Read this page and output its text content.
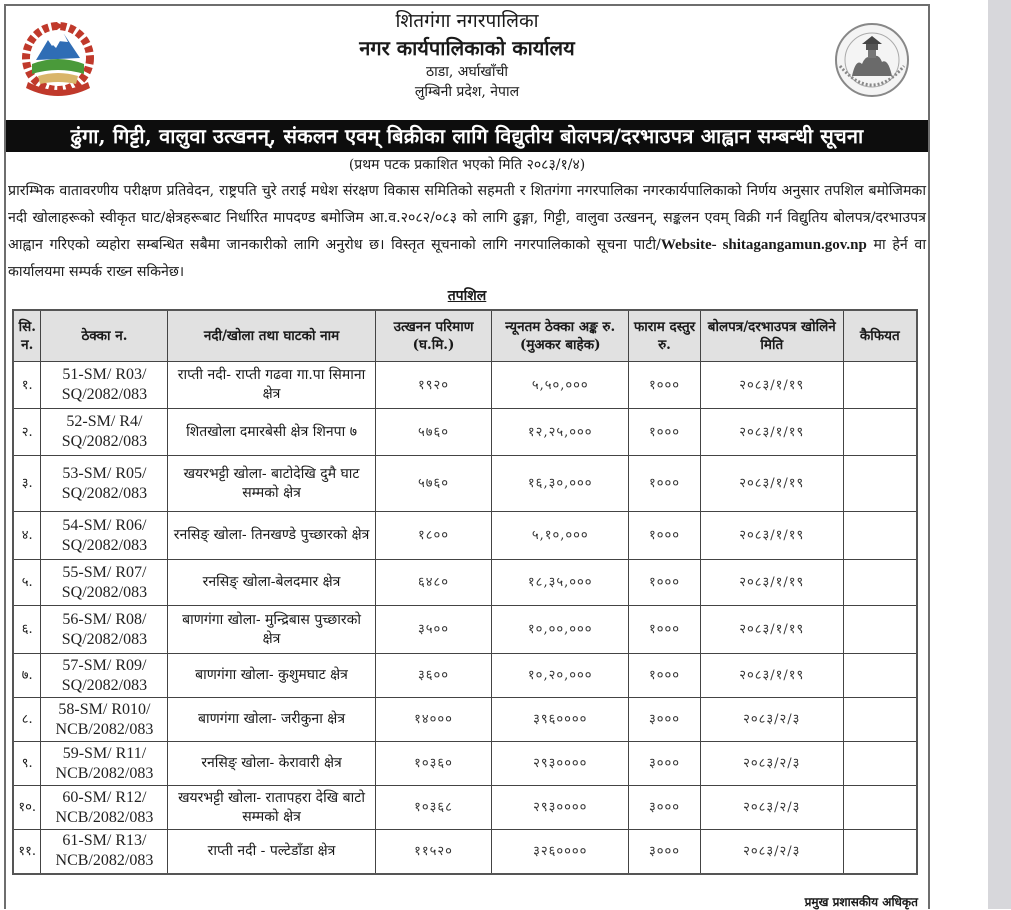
शितगंगा नगरपालिका
नगर कार्यपालिकाको कार्यालय
ठाडा, अर्घाखाँची
लुम्बिनी प्रदेश, नेपाल
ढुंगा, गिट्टी, वालुवा उत्खनन्, संकलन एवम् बिक्रीका लागि विद्युतीय बोलपत्र/दरभाउपत्र आह्वान सम्बन्धी सूचना
(प्रथम पटक प्रकाशित भएको मिति २०८३/१/४)
प्रारम्भिक वातावरणीय परीक्षण प्रतिवेदन, राष्ट्रपति चुरे तराई मधेश संरक्षण विकास समितिको सहमती र शितगंगा नगरपालिका नगरकार्यपालिकाको निर्णय अनुसार तपशिल बमोजिमका नदी खोलाहरूको स्वीकृत घाट/क्षेत्रहरूबाट निर्धारित मापदण्ड बमोजिम आ.व.२०८२/०८३ को लागि ढुङ्गा, गिट्टी, वालुवा उत्खनन्, सङ्कलन एवम् विक्री गर्न विद्युतिय बोलपत्र/दरभाउपत्र आह्वान गरिएको व्यहोरा सम्बन्धित सबैमा जानकारीको लागि अनुरोध छ। विस्तृत सूचनाको लागि नगरपालिकाको सूचना पाटी/Website- shitagangamun.gov.np मा हेर्न वा कार्यालयमा सम्पर्क राख्न सकिनेछ।
तपशिल
सि. न.	ठेक्का न.	नदी/खोला तथा घाटको नाम	उत्खनन परिमाण (घ.मि.)	न्यूनतम ठेक्का अङ्क रु.(मुअकर बाहेक)	फाराम दस्तुर रु.	बोलपत्र/दरभाउपत्र खोलिने मिति	कैफियत
१.	51-SM/ R03/ SQ/2082/083	राप्ती नदी- राप्ती गढवा गा.पा सिमाना क्षेत्र	१९२०	५,५०,०००	१०००	२०८३/१/१९	
२.	52-SM/ R4/ SQ/2082/083	शितखोला दमारबेसी क्षेत्र शिनपा ७	५७६०	१२,२५,०००	१०००	२०८३/१/१९	
३.	53-SM/ R05/ SQ/2082/083	खयरभट्टी खोला- बाटोदेखि दुमै घाट सम्मको क्षेत्र	५७६०	१६,३०,०००	१०००	२०८३/१/१९	
४.	54-SM/ R06/ SQ/2082/083	रनसिङ् खोला- तिनखण्डे पुच्छारको क्षेत्र	१८००	५,१०,०००	१०००	२०८३/१/१९	
५.	55-SM/ R07/ SQ/2082/083	रनसिङ् खोला-बेलदमार क्षेत्र	६४८०	१८,३५,०००	१०००	२०८३/१/१९	
६.	56-SM/ R08/ SQ/2082/083	बाणगंगा खोला- मुन्द्रिबास पुच्छारको क्षेत्र	३५००	१०,००,०००	१०००	२०८३/१/१९	
७.	57-SM/ R09/ SQ/2082/083	बाणगंगा खोला- कुशुमघाट क्षेत्र	३६००	१०,२०,०००	१०००	२०८३/१/१९	
८.	58-SM/ R010/ NCB/2082/083	बाणगंगा खोला- जरीकुना क्षेत्र	१४०००	३९६००००	३०००	२०८३/२/३	
९.	59-SM/ R11/ NCB/2082/083	रनसिङ् खोला- केरावारी क्षेत्र	१०३६०	२९३००००	३०००	२०८३/२/३	
१०.	60-SM/ R12/ NCB/2082/083	खयरभट्टी खोला- रातापहरा देखि बाटो सम्मको क्षेत्र	१०३६८	२९३००००	३०००	२०८३/२/३	
११.	61-SM/ R13/ NCB/2082/083	राप्ती नदी - पल्टेडाँडा क्षेत्र	११५२०	३२६००००	३०००	२०८३/२/३	
प्रमुख प्रशासकीय अधिकृत
